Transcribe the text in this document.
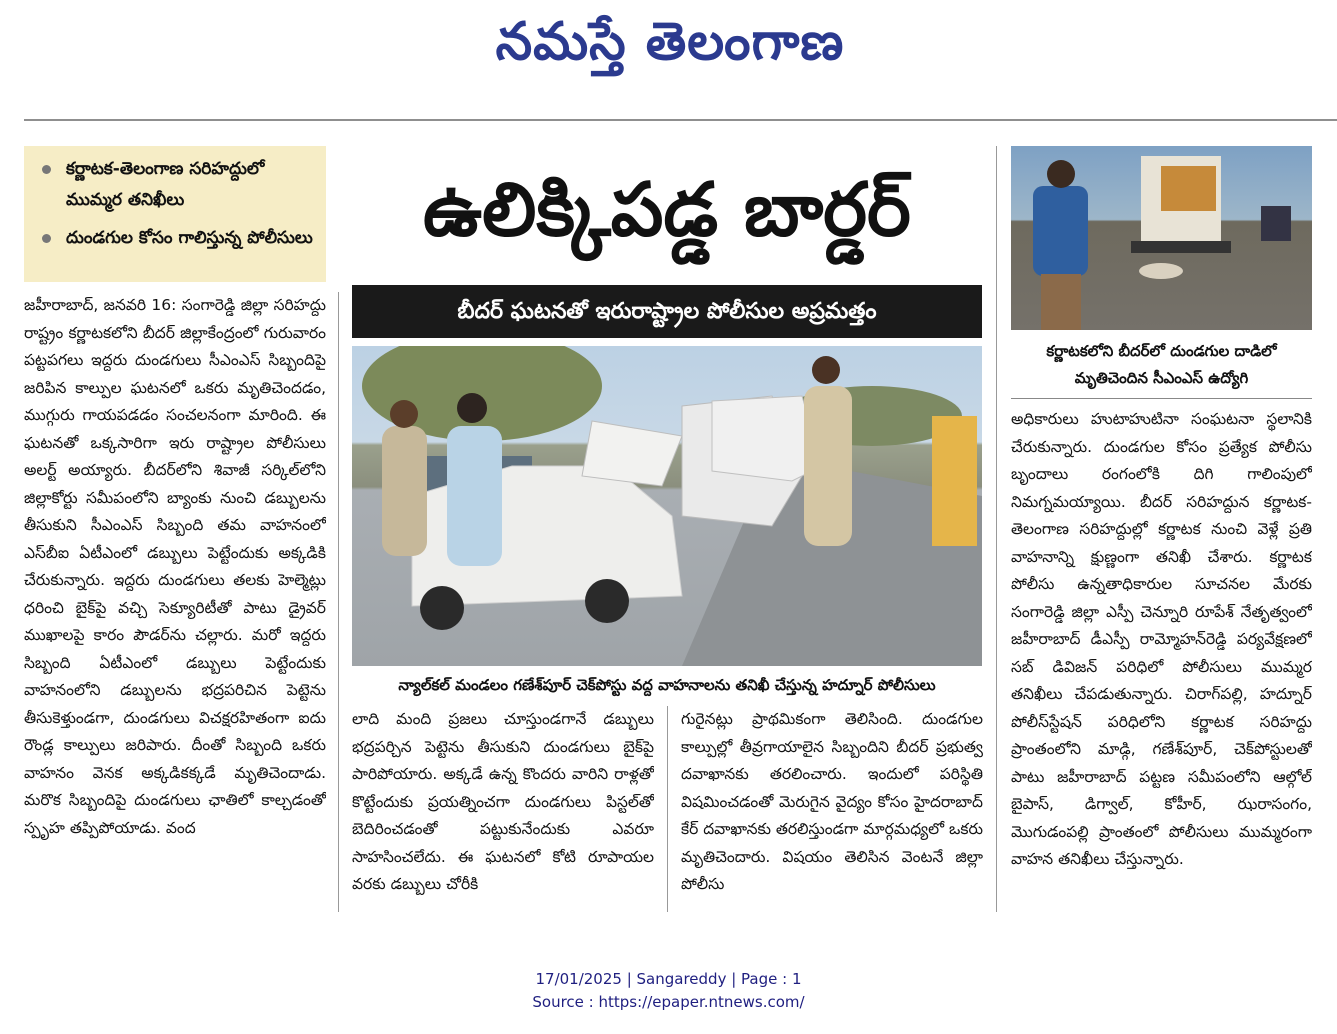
నమస్తే తెలంగాణ
కర్ణాటక-తెలంగాణ సరిహద్దులో ముమ్మర తనిఖీలు
దుండగుల కోసం గాలిస్తున్న పోలీసులు	ఉలిక్కిపడ్డ బార్డర్
బీదర్ ఘటనతో ఇరురాష్ట్రాల పోలీసుల అప్రమత్తం
న్యాల్‌కల్ మండలం గణేశ్‌పూర్ చెక్‌పోస్టు వద్ద వాహనాలను తనిఖీ చేస్తున్న హద్నూర్ పోలీసులు
కర్ణాటకలోని బీదర్‌లో దుండగుల దాడిలో మృతిచెందిన సీఎంఎస్ ఉద్యోగి

జహీరాబాద్, జనవరి 16: సంగారెడ్డి జిల్లా సరిహద్దు రాష్ట్రం కర్ణాటకలోని బీదర్ జిల్లాకేంద్రంలో గురువారం పట్టపగలు ఇద్దరు దుండగులు సీఎంఎస్ సిబ్బందిపై జరిపిన కాల్పుల ఘటనలో ఒకరు మృతిచెందడం, ముగ్గురు గాయపడడం సంచలనంగా మారింది. ఈ ఘటనతో ఒక్కసారిగా ఇరు రాష్ట్రాల పోలీసులు అలర్ట్ అయ్యారు. బీదర్‌లోని శివాజీ సర్కిల్‌లోని జిల్లాకోర్టు సమీపంలోని బ్యాంకు నుంచి డబ్బులను తీసుకుని సీఎంఎస్ సిబ్బంది తమ వాహనంలో ఎస్‌బీఐ ఏటీఎంలో డబ్బులు పెట్టేందుకు అక్కడికి చేరుకున్నారు. ఇద్దరు దుండగులు తలకు హెల్మెట్లు ధరించి బైక్‌పై వచ్చి సెక్యూరిటీతో పాటు డ్రైవర్ ముఖాలపై కారం పౌడర్‌ను చల్లారు. మరో ఇద్దరు సిబ్బంది ఏటీఎంలో డబ్బులు పెట్టేందుకు వాహనంలోని డబ్బులను భద్రపరిచిన పెట్టెను తీసుకెళ్తుండగా, దుండగులు విచక్షరహితంగా ఐదు రౌండ్ల కాల్పులు జరిపారు. దీంతో సిబ్బంది ఒకరు వాహనం వెనక అక్కడికక్కడే మృతిచెందాడు. మరొక సిబ్బందిపై దుండగులు ఛాతిలో కాల్చడంతో స్పృహ తప్పిపోయాడు. వంద

లాది మంది ప్రజలు చూస్తుండగానే డబ్బులు భద్రపర్చిన పెట్టెను తీసుకుని దుండగులు బైక్‌పై పారిపోయారు. అక్కడే ఉన్న కొందరు వారిని రాళ్లతో కొట్టేందుకు ప్రయత్నించగా దుండగులు పిస్టల్‌తో బెదిరించడంతో పట్టుకునేందుకు ఎవరూ సాహసించలేదు. ఈ ఘటనలో కోటి రూపాయల వరకు డబ్బులు చోరీకి

గురైనట్లు ప్రాథమికంగా తెలిసింది. దుండగుల కాల్పుల్లో తీవ్రగాయాలైన సిబ్బందిని బీదర్ ప్రభుత్వ దవాఖానకు తరలించారు. ఇందులో పరిస్థితి విషమించడంతో మెరుగైన వైద్యం కోసం హైదరాబాద్ కేర్ దవాఖానకు తరలిస్తుండగా మార్గమధ్యలో ఒకరు మృతిచెందారు. విషయం తెలిసిన వెంటనే జిల్లా పోలీసు

అధికారులు హుటాహుటినా సంఘటనా స్థలానికి చేరుకున్నారు. దుండగుల కోసం ప్రత్యేక పోలీసు బృందాలు రంగంలోకి దిగి గాలింపులో నిమగ్నమయ్యాయి. బీదర్ సరిహద్దున కర్ణాటక-తెలంగాణ సరిహద్దుల్లో కర్ణాటక నుంచి వెళ్లే ప్రతి వాహనాన్ని క్షుణ్ణంగా తనిఖీ చేశారు. కర్ణాటక పోలీసు ఉన్నతాధికారుల సూచనల మేరకు సంగారెడ్డి జిల్లా ఎస్పీ చెన్నూరి రూపేశ్ నేతృత్వంలో జహీరాబాద్ డీఎస్పీ రామ్మోహన్‌రెడ్డి పర్యవేక్షణలో సబ్ డివిజన్ పరిధిలో పోలీసులు ముమ్మర తనిఖీలు చేపడుతున్నారు. చిరాగ్‌పల్లి, హద్నూర్ పోలీస్‌స్టేషన్ పరిధిలోని కర్ణాటక సరిహద్దు ప్రాంతంలోని మాడ్గి, గణేశ్‌పూర్, చెక్‌పోస్టులతో పాటు జహీరాబాద్ పట్టణ సమీపంలోని ఆల్గోల్ బైపాస్, డిగ్వాల్, కోహీర్, ఝరాసంగం, మొగుడంపల్లి ప్రాంతంలో పోలీసులు ముమ్మరంగా వాహన తనిఖీలు చేస్తున్నారు.

17/01/2025 | Sangareddy | Page : 1
Source : https://epaper.ntnews.com/
